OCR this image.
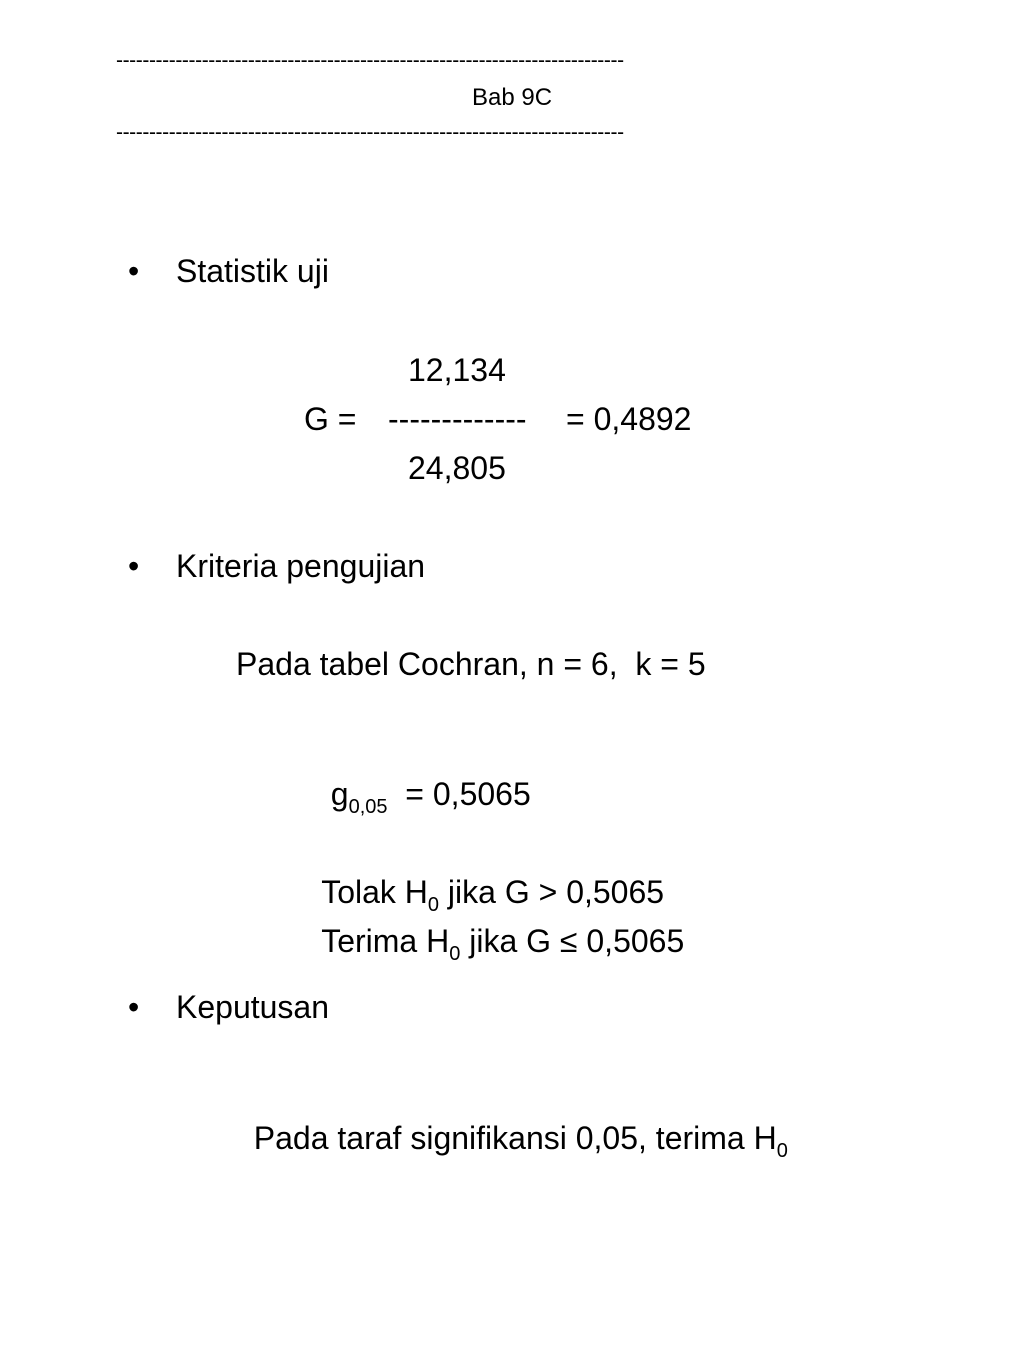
-----------------------------------------------------------------------------
Bab 9C
-----------------------------------------------------------------------------
• Statistik uji
12,134
G = ------------- = 0,4892
24,805
• Kriteria pengujian
Pada tabel Cochran, n = 6,  k = 5

$g_{0,05} = 0,5065$

Tolak $H_0$ jika G > 0,5065

Terima $H_0$ jika G ≤ 0,5065

• Keputusan

Pada taraf signifikansi 0,05, terima $H_0$
